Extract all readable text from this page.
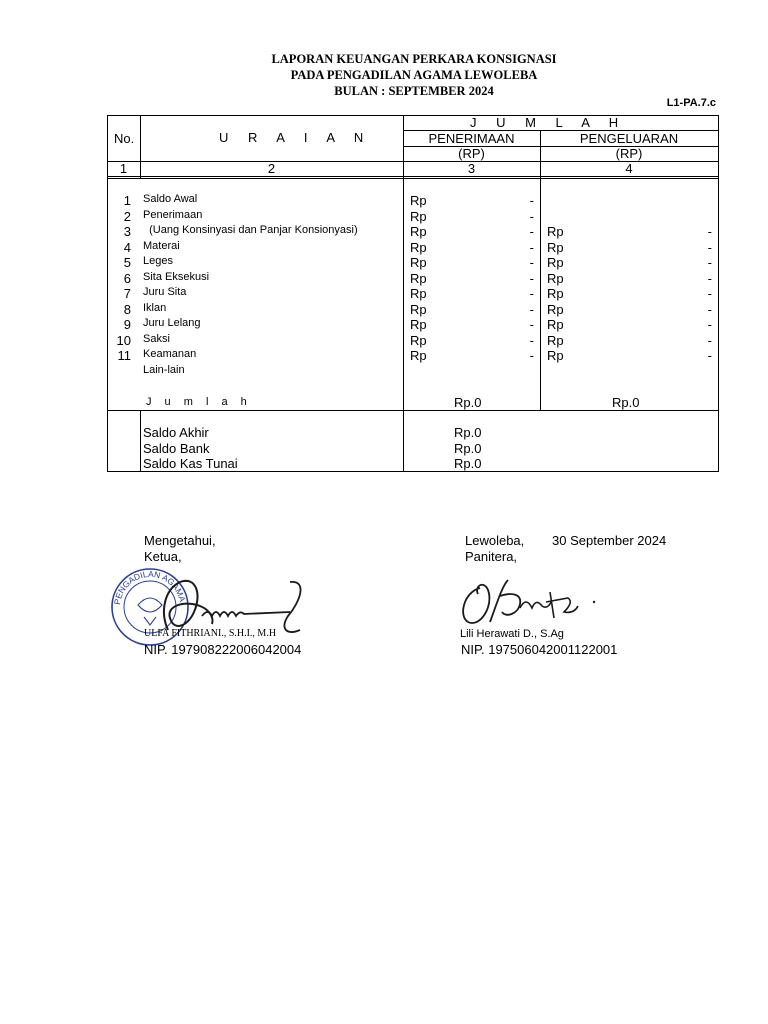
LAPORAN KEUANGAN PERKARA KONSIGNASI
PADA PENGADILAN AGAMA LEWOLEBA
BULAN : SEPTEMBER 2024
L1-PA.7.c
No.	U R A I A N
J U M L A H
PENERIMAAN	PENGELUARAN
(RP)	(RP)
1	2	3	4
1 Saldo Awal	Rp	-
2 Penerimaan	Rp	-
3 (Uang Konsinyasi dan Panjar Konsionyasi)	Rp	- Rp	-
4 Materai	Rp	- Rp	-
5 Leges	Rp	- Rp	-
6 Sita Eksekusi	Rp	- Rp	-
7 Juru Sita	Rp	- Rp	-
8 Iklan	Rp	- Rp	-
9 Juru Lelang	Rp	- Rp	-
10 Saksi	Rp	- Rp	-
11 Keamanan	Rp	- Rp	-
Lain-lain
J u m l a h	Rp.0	Rp.0
Saldo Akhir	Rp.0
Saldo Bank	Rp.0
Saldo Kas Tunai	Rp.0
Mengetahui,
Ketua,
PENGADILAN AGAMA
ULFA FITHRIANI., S.H.I., M.H
NIP. 197908222006042004
Lewoleba, 30 September 2024
Panitera,
Lili Herawati D., S.Ag
NIP. 197506042001122001
